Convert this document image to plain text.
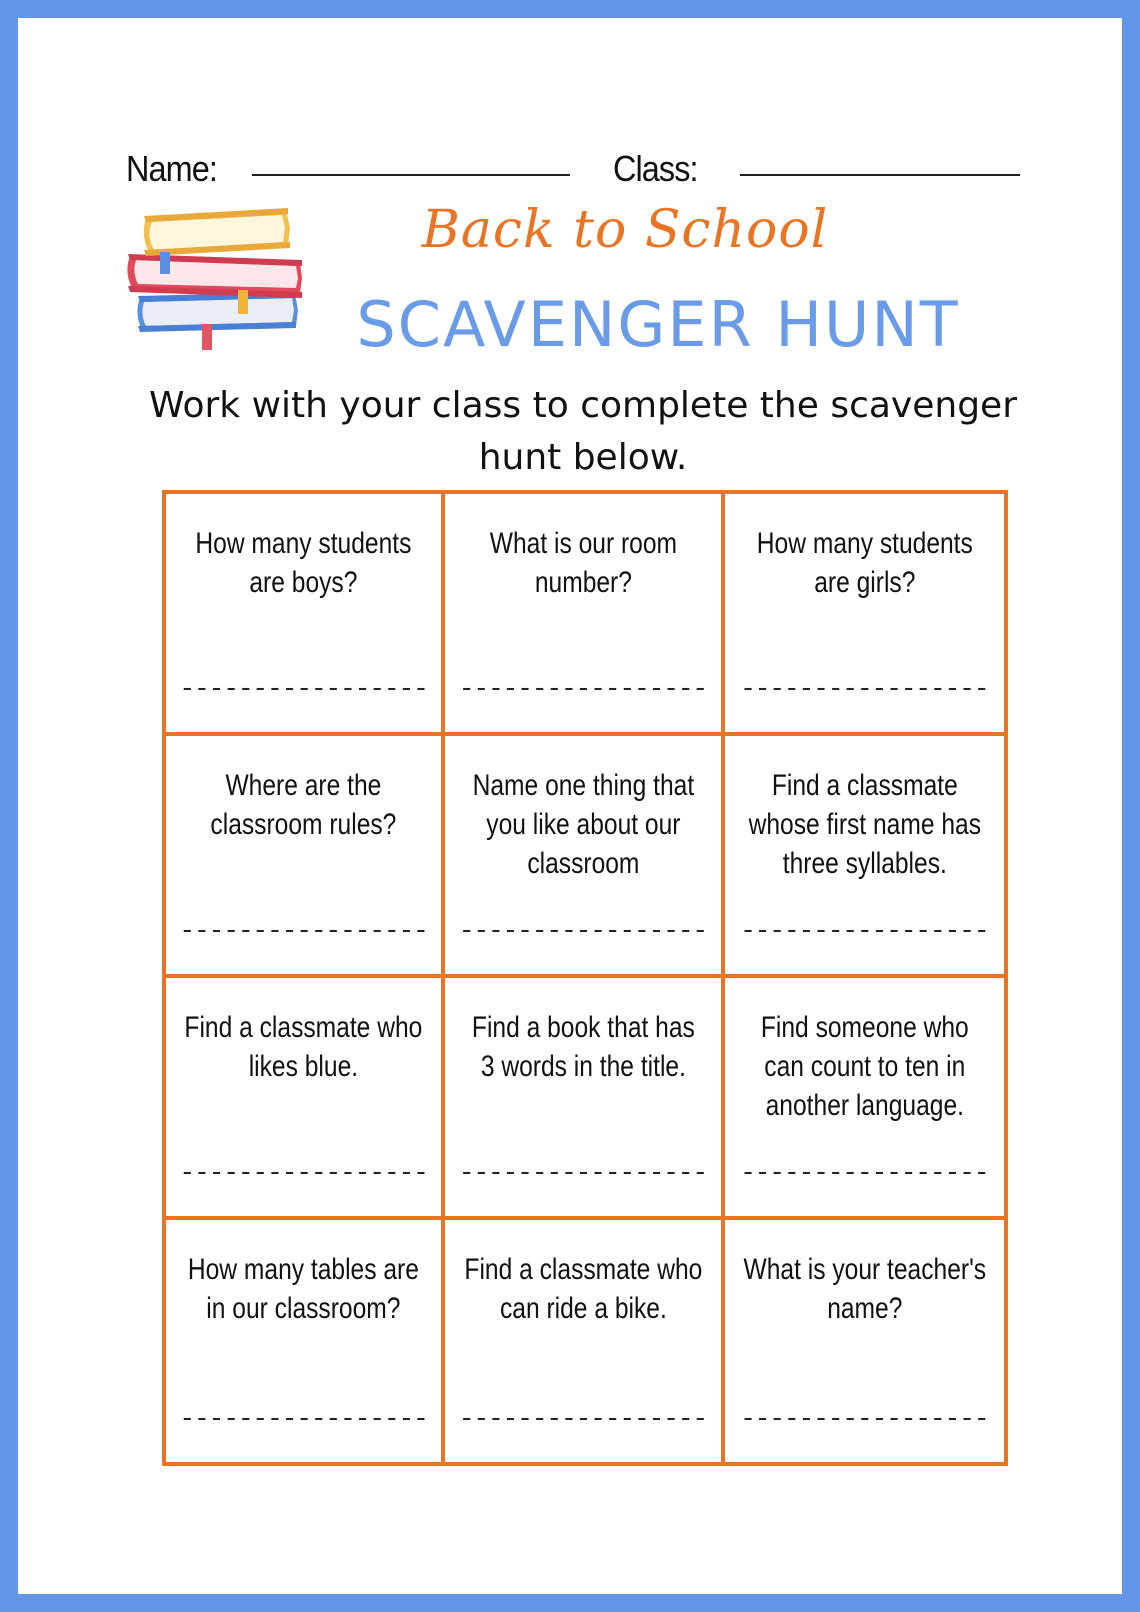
Name:	Class:
Back to School
SCAVENGER HUNT
Work with your class to complete the scavenger hunt below.
How many students are boys?
-----------------
What is our room number?
-----------------
How many students are girls?
-----------------
Where are the classroom rules?
-----------------
Name one thing that you like about our classroom
-----------------
Find a classmate whose first name has three syllables.
-----------------
Find a classmate who likes blue.
-----------------
Find a book that has 3 words in the title.
-----------------
Find someone who can count to ten in another language.
-----------------
How many tables are in our classroom?
-----------------
Find a classmate who can ride a bike.
-----------------
What is your teacher's name?
-----------------
